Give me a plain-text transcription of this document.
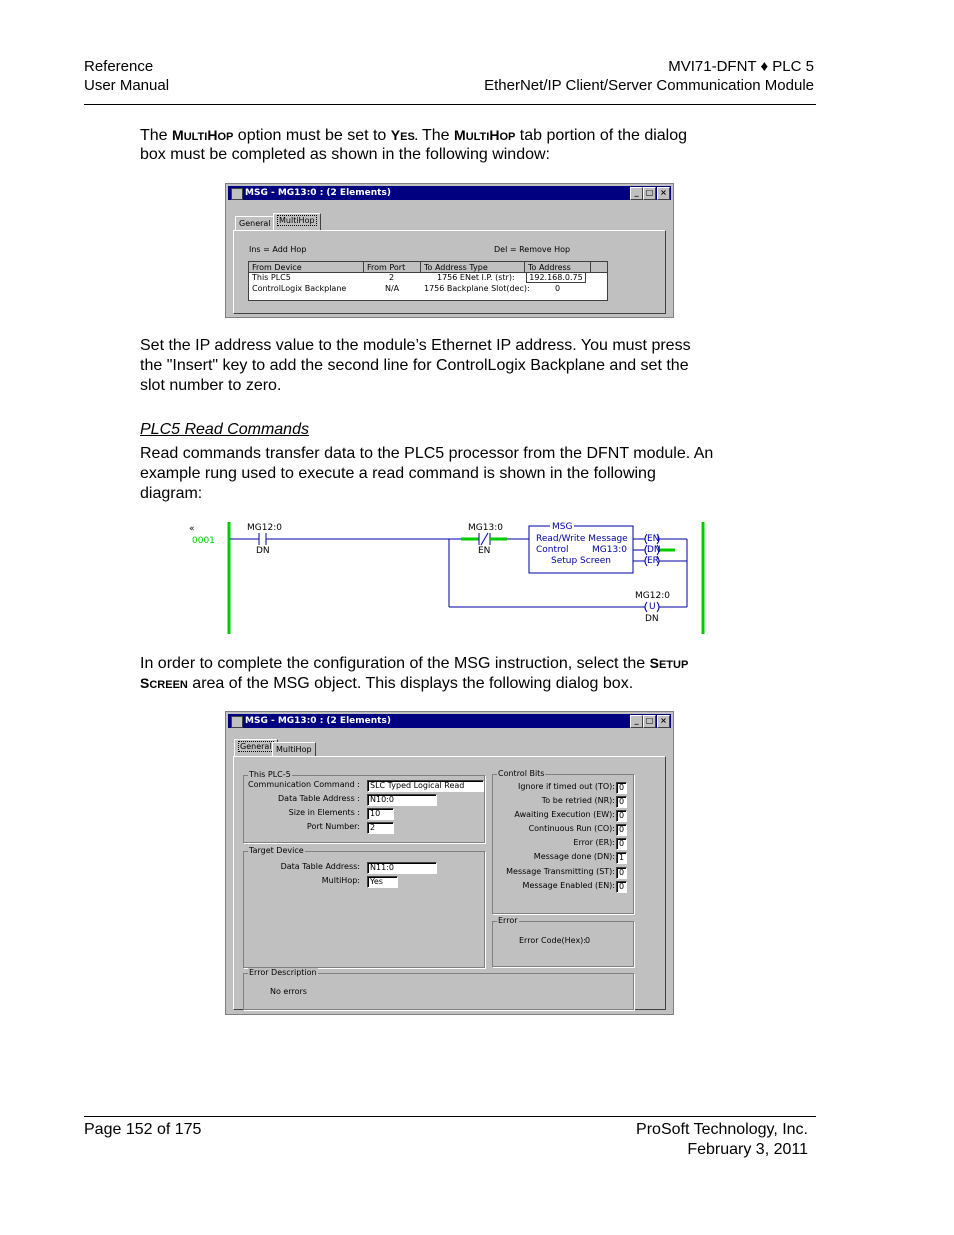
Reference
User Manual
MVI71-DFNT ♦ PLC 5
EtherNet/IP Client/Server Communication Module
The MULTIHOP option must be set to YES. The MULTIHOP tab portion of the dialog
box must be completed as shown in the following window:
MSG - MG13:0 : (2 Elements)	_ □ ×
General	MultiHop
Ins = Add Hop	Del = Remove Hop
From Device	From Port	To Address Type	To Address
This PLC5	2	1756 ENet I.P. (str):	192.168.0.75
ControlLogix Backplane	N/A	1756 Backplane Slot(dec):	0
Set the IP address value to the module’s Ethernet IP address. You must press
the "Insert" key to add the second line for ControlLogix Backplane and set the
slot number to zero.
PLC5 Read Commands
Read commands transfer data to the PLC5 processor from the DFNT module. An
example rung used to execute a read command is shown in the following
diagram:
«
0001
MG12:0
DN
MG13:0
EN
MSG
Read/Write Message
Control	MG13:0
Setup Screen
EN
DN
ER
MG12:0
U
DN
In order to complete the configuration of the MSG instruction, select the SETUP
SCREEN area of the MSG object. This displays the following dialog box.
MSG - MG13:0 : (2 Elements)	_ □ ×
General MultiHop
This PLC-5
Communication Command :	SLC Typed Logical Read
Data Table Address :	N10:0
Size in Elements :	10
Port Number:	2
Target Device
Data Table Address:	N11:0
MultiHop:	Yes
Control Bits
Ignore if timed out (TO): 0
To be retried (NR): 0
Awaiting Execution (EW): 0
Continuous Run (CO): 0
Error (ER): 0
Message done (DN): 1
Message Transmitting (ST): 0
Message Enabled (EN): 0
Error
Error Code(Hex): 0
Error Description
No errors
Page 152 of 175	ProSoft Technology, Inc.
February 3, 2011
